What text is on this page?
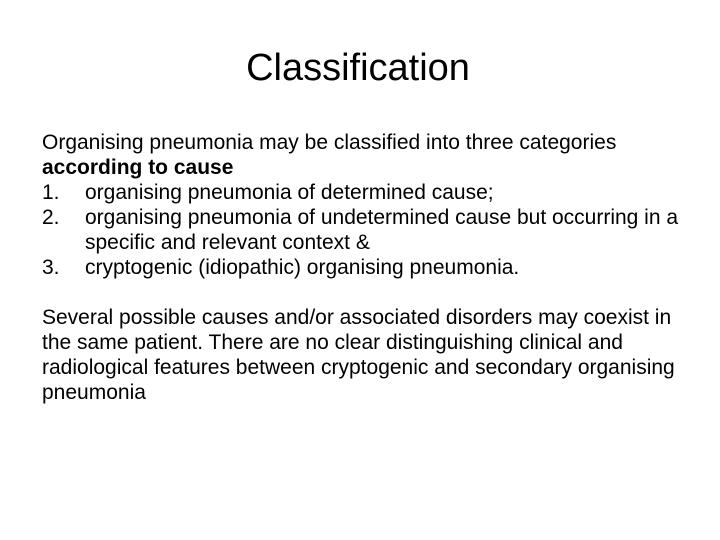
Classification

Organising pneumonia may be classified into three categories according to cause

1. organising pneumonia of determined cause;
2. organising pneumonia of undetermined cause but occurring in a specific and relevant context &
3. cryptogenic (idiopathic) organising pneumonia.

Several possible causes and/or associated disorders may coexist in the same patient. There are no clear distinguishing clinical and radiological features between cryptogenic and secondary organising pneumonia
